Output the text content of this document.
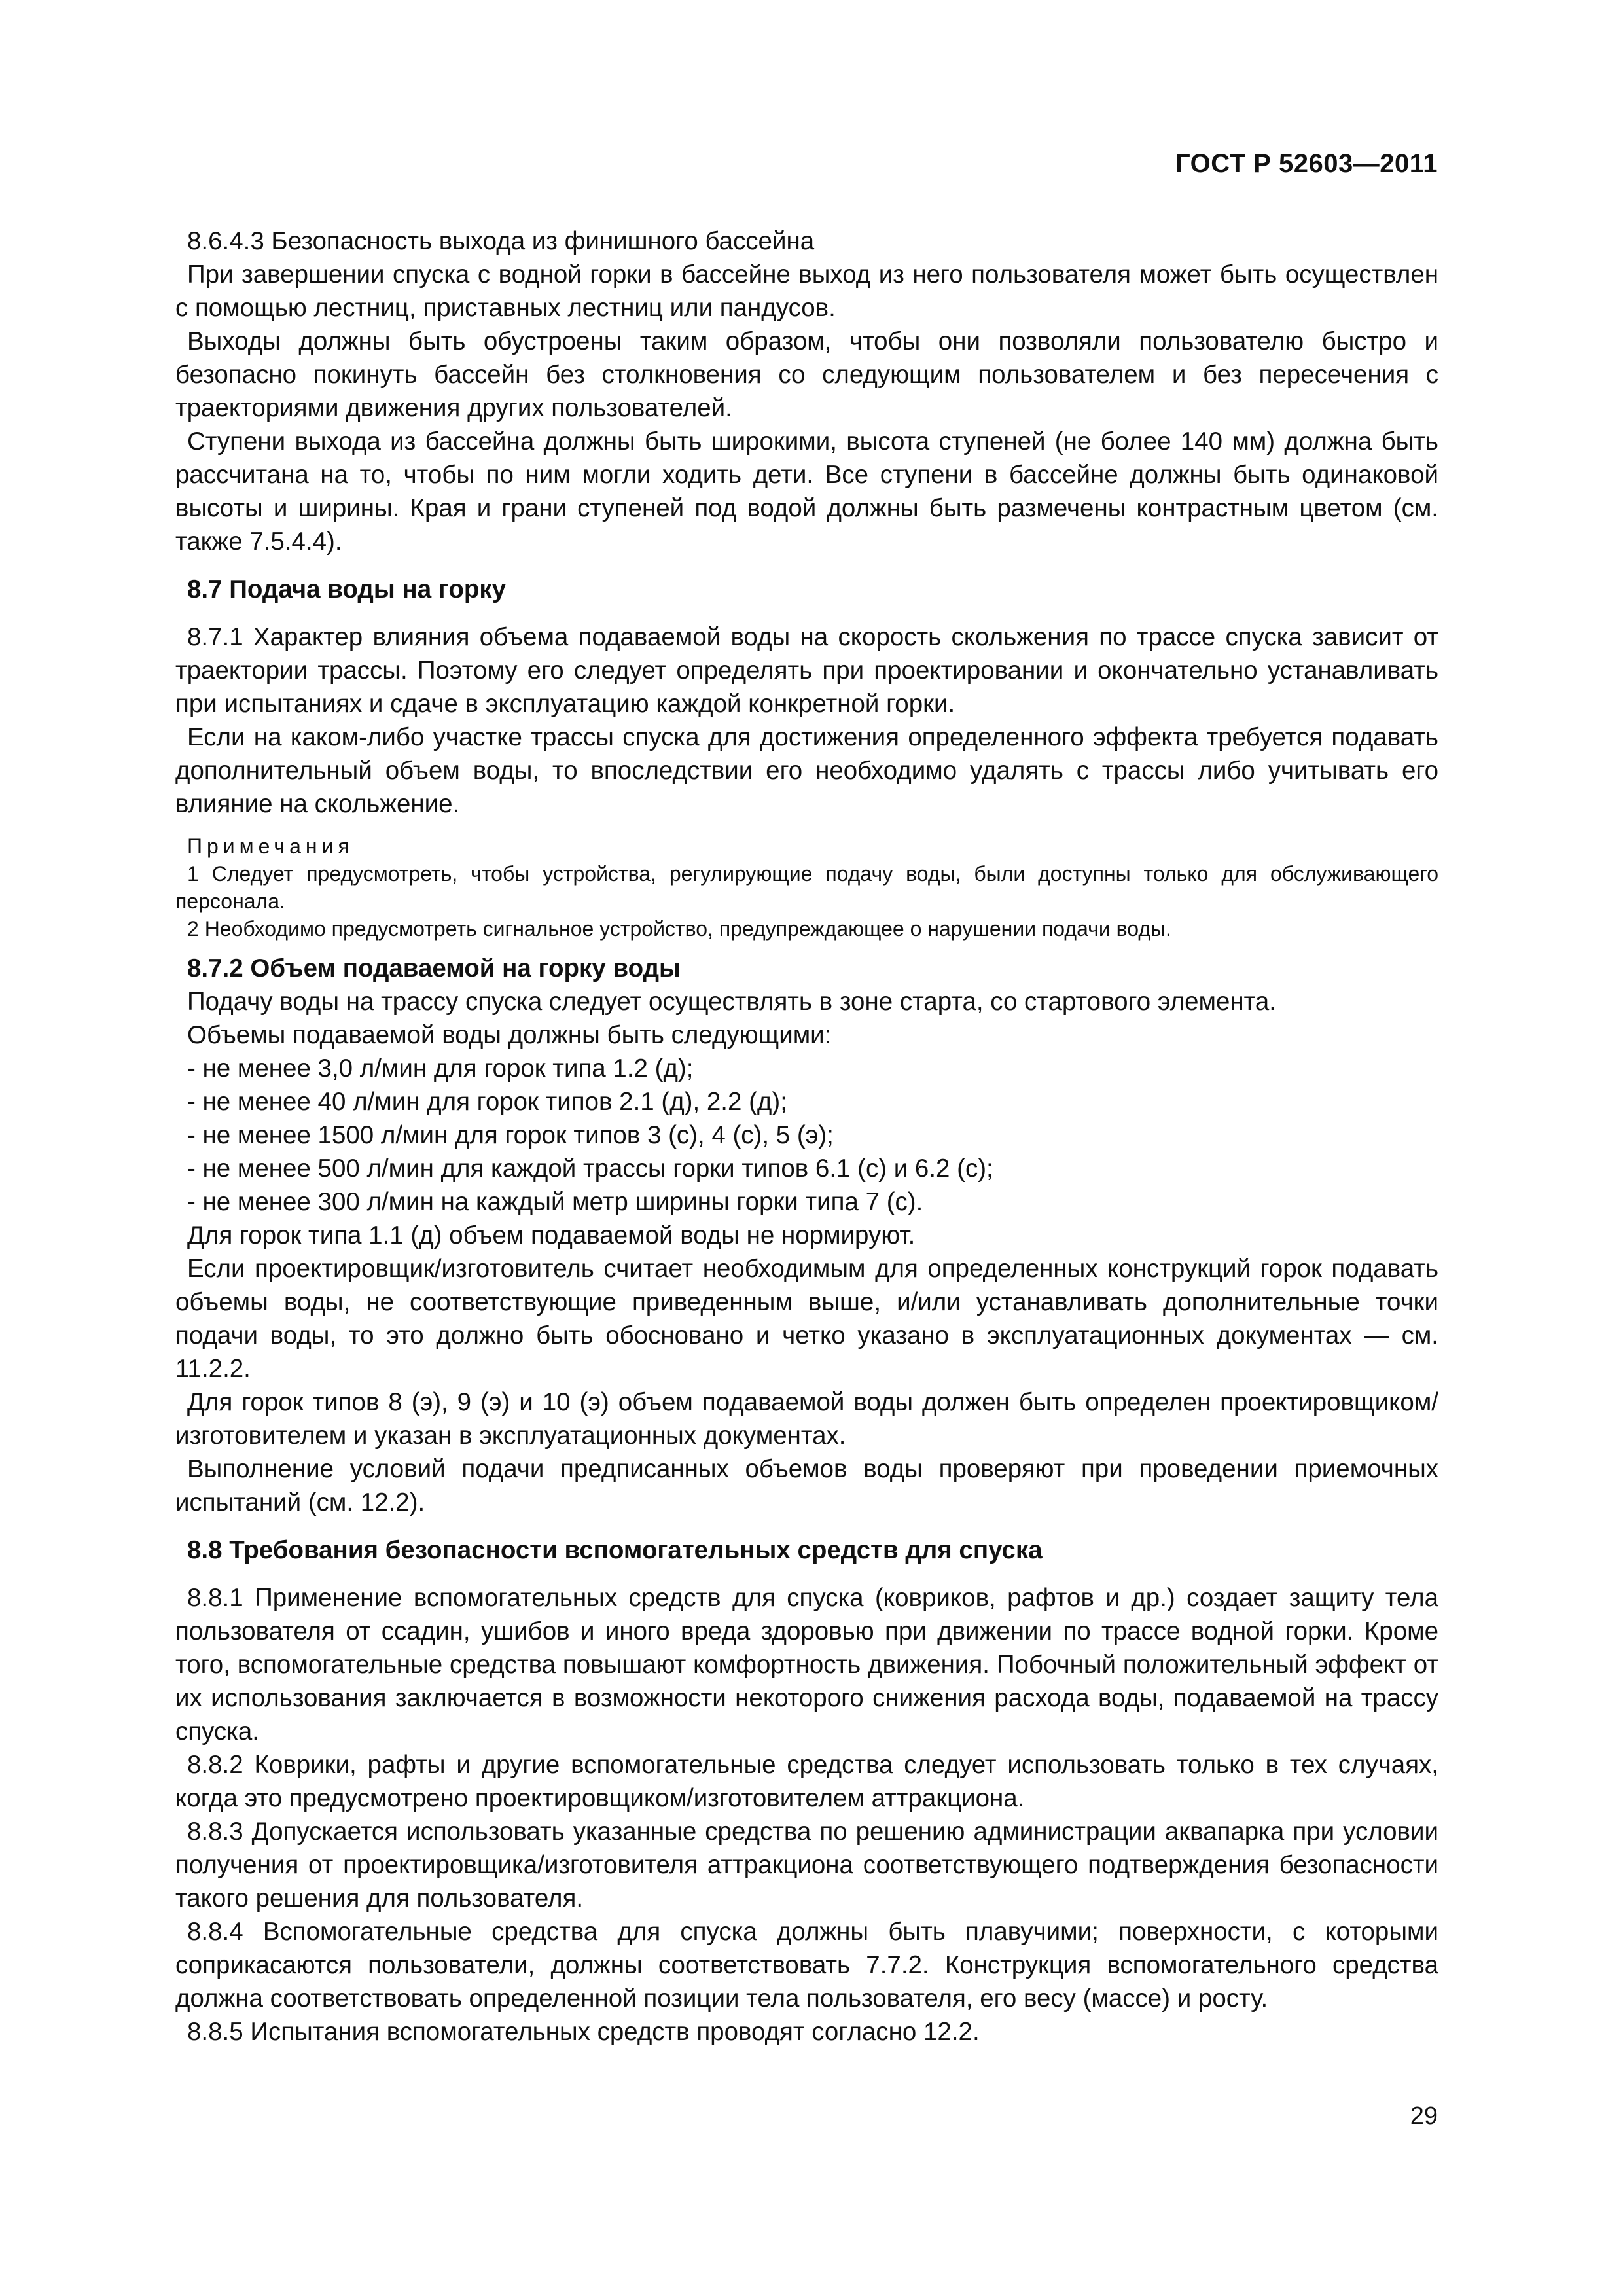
ГОСТ Р 52603—2011

8.6.4.3 Безопасность выхода из финишного бассейна

При завершении спуска с водной горки в бассейне выход из него пользователя может быть осуществлен с помощью лестниц, приставных лестниц или пандусов.

Выходы должны быть обустроены таким образом, чтобы они позволяли пользователю быстро и безопасно покинуть бассейн без столкновения со следующим пользователем и без пересечения с траекториями движения других пользователей.

Ступени выхода из бассейна должны быть широкими, высота ступеней (не более 140 мм) должна быть рассчитана на то, чтобы по ним могли ходить дети. Все ступени в бассейне должны быть одинаковой высоты и ширины. Края и грани ступеней под водой должны быть размечены контрастным цветом (см. также 7.5.4.4).

8.7 Подача воды на горку

8.7.1 Характер влияния объема подаваемой воды на скорость скольжения по трассе спуска зависит от траектории трассы. Поэтому его следует определять при проектировании и окончательно устанавливать при испытаниях и сдаче в эксплуатацию каждой конкретной горки.

Если на каком-либо участке трассы спуска для достижения определенного эффекта требуется подавать дополнительный объем воды, то впоследствии его необходимо удалять с трассы либо учитывать его влияние на скольжение.

Примечания
1 Следует предусмотреть, чтобы устройства, регулирующие подачу воды, были доступны только для обслуживающего персонала.
2 Необходимо предусмотреть сигнальное устройство, предупреждающее о нарушении подачи воды.
8.7.2 Объем подаваемой на горку воды

Подачу воды на трассу спуска следует осуществлять в зоне старта, со стартового элемента.

Объемы подаваемой воды должны быть следующими:

- не менее 3,0 л/мин для горок типа 1.2 (д);
- не менее 40 л/мин для горок типов 2.1 (д), 2.2 (д);
- не менее 1500 л/мин для горок типов 3 (с), 4 (с), 5 (э);
- не менее 500 л/мин для каждой трассы горки типов 6.1 (с) и 6.2 (с);
- не менее 300 л/мин на каждый метр ширины горки типа 7 (с).

Для горок типа 1.1 (д) объем подаваемой воды не нормируют.

Если проектировщик/изготовитель считает необходимым для определенных конструкций горок подавать объемы воды, не соответствующие приведенным выше, и/или устанавливать дополнительные точки подачи воды, то это должно быть обосновано и четко указано в эксплуатационных документах — см. 11.2.2.

Для горок типов 8 (э), 9 (э) и 10 (э) объем подаваемой воды должен быть определен проектировщиком/изготовителем и указан в эксплуатационных документах.

Выполнение условий подачи предписанных объемов воды проверяют при проведении приемочных испытаний (см. 12.2).

8.8 Требования безопасности вспомогательных средств для спуска

8.8.1 Применение вспомогательных средств для спуска (ковриков, рафтов и др.) создает защиту тела пользователя от ссадин, ушибов и иного вреда здоровью при движении по трассе водной горки. Кроме того, вспомогательные средства повышают комфортность движения. Побочный положительный эффект от их использования заключается в возможности некоторого снижения расхода воды, подаваемой на трассу спуска.

8.8.2 Коврики, рафты и другие вспомогательные средства следует использовать только в тех случаях, когда это предусмотрено проектировщиком/изготовителем аттракциона.

8.8.3 Допускается использовать указанные средства по решению администрации аквапарка при условии получения от проектировщика/изготовителя аттракциона соответствующего подтверждения безопасности такого решения для пользователя.

8.8.4 Вспомогательные средства для спуска должны быть плавучими; поверхности, с которыми соприкасаются пользователи, должны соответствовать 7.7.2. Конструкция вспомогательного средства должна соответствовать определенной позиции тела пользователя, его весу (массе) и росту.

8.8.5 Испытания вспомогательных средств проводят согласно 12.2.

29
